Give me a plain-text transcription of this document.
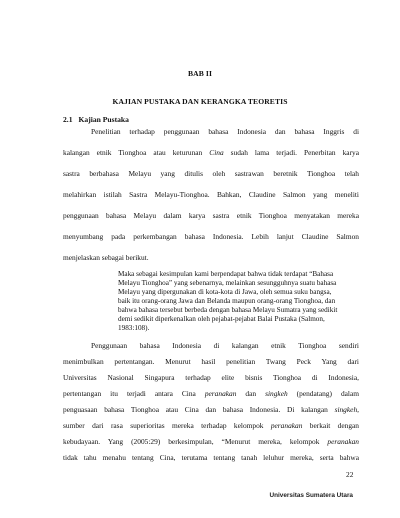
BAB II
KAJIAN PUSTAKA DAN KERANGKA TEORETIS
2.1 Kajian Pustaka
Penelitian terhadap penggunaan bahasa Indonesia dan bahasa Inggris di
kalangan etnik Tionghoa atau keturunan Cina sudah lama terjadi. Penerbitan karya
sastra berbahasa Melayu yang ditulis oleh sastrawan beretnik Tionghoa telah
melahirkan istilah Sastra Melayu-Tionghoa. Bahkan, Claudine Salmon yang meneliti
penggunaan bahasa Melayu dalam karya sastra etnik Tionghoa menyatakan mereka
menyumbang pada perkembangan bahasa Indonesia. Lebih lanjut Claudine Salmon
menjelaskan sebagai berikut.
Maka sebagai kesimpulan kami berpendapat bahwa tidak terdapat “Bahasa
Melayu Tionghoa” yang sebenarnya, melainkan sesungguhnya suatu bahasa
Melayu yang dipergunakan di kota-kota di Jawa, oleh semua suku bangsa,
baik itu orang-orang Jawa dan Belanda maupun orang-orang Tionghoa, dan
bahwa bahasa tersebut berbeda dengan bahasa Melayu Sumatra yang sedikit
demi sedikit diperkenalkan oleh pejabat-pejabat Balai Pustaka (Salmon,
1983:108).
Penggunaan bahasa Indonesia di kalangan etnik Tionghoa sendiri
menimbulkan pertentangan. Menurut hasil penelitian Twang Peck Yang dari
Universitas Nasional Singapura terhadap elite bisnis Tionghoa di Indonesia,
pertentangan itu terjadi antara Cina peranakan dan singkeh (pendatang) dalam
penguasaan bahasa Tionghoa atau Cina dan bahasa Indonesia. Di kalangan singkeh,
sumber dari rasa superioritas mereka terhadap kelompok peranakan berkait dengan
kebudayaan. Yang (2005:29) berkesimpulan, “Menurut mereka, kelompok peranakan
tidak tahu menahu tentang Cina, terutama tentang tanah leluhur mereka, serta bahwa
22
Universitas Sumatera Utara
